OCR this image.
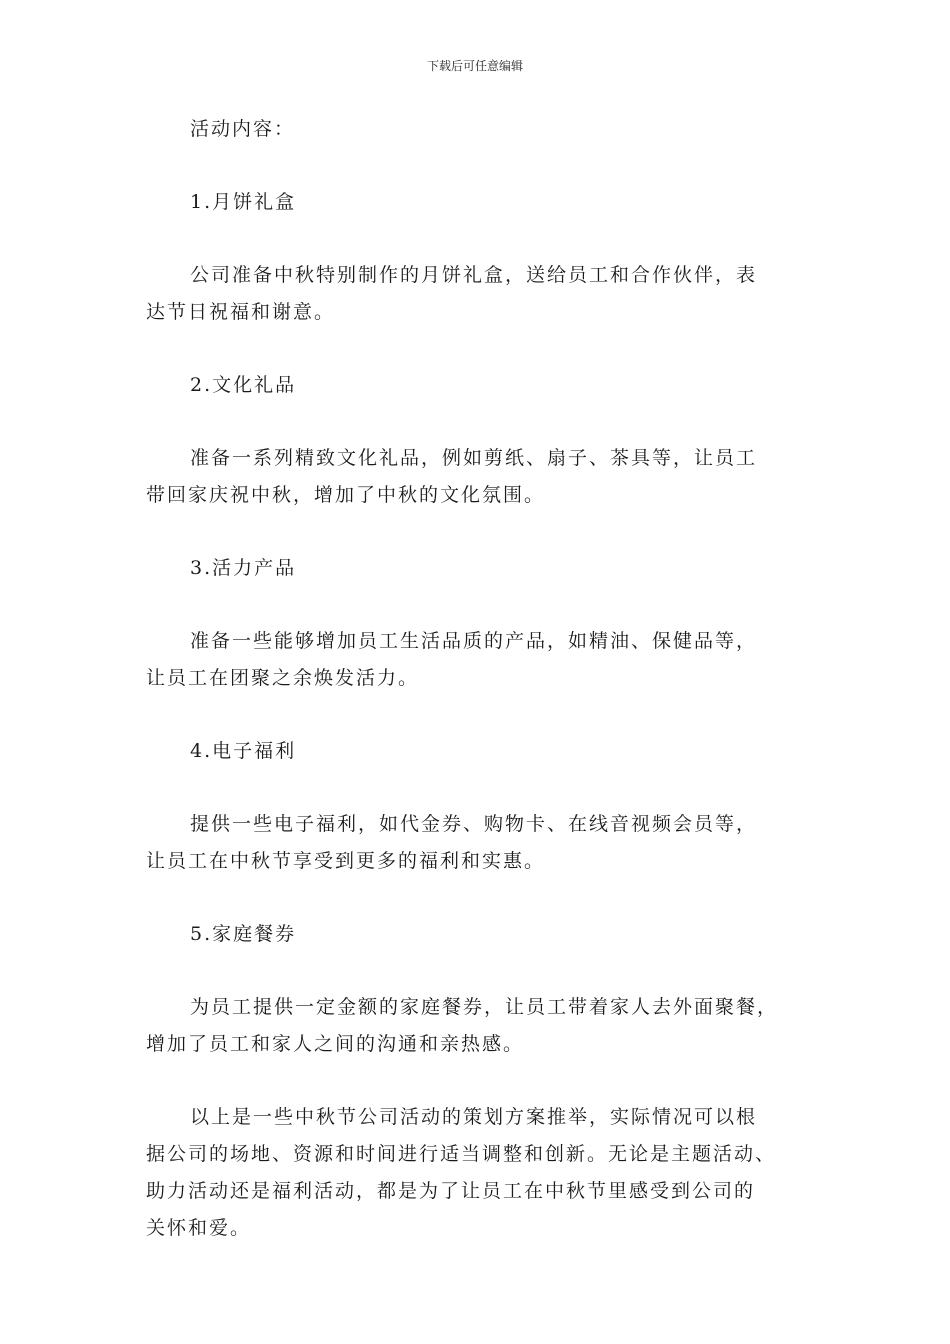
下载后可任意编辑

活动内容：

1.月饼礼盒

公司准备中秋特别制作的月饼礼盒，送给员工和合作伙伴，表
达节日祝福和谢意。

2.文化礼品

准备一系列精致文化礼品，例如剪纸、扇子、茶具等，让员工
带回家庆祝中秋，增加了中秋的文化氛围。

3.活力产品

准备一些能够增加员工生活品质的产品，如精油、保健品等，
让员工在团聚之余焕发活力。

4.电子福利

提供一些电子福利，如代金券、购物卡、在线音视频会员等，
让员工在中秋节享受到更多的福利和实惠。

5.家庭餐券

为员工提供一定金额的家庭餐券，让员工带着家人去外面聚餐，
增加了员工和家人之间的沟通和亲热感。

以上是一些中秋节公司活动的策划方案推举，实际情况可以根
据公司的场地、资源和时间进行适当调整和创新。无论是主题活动、
助力活动还是福利活动，都是为了让员工在中秋节里感受到公司的
关怀和爱。
